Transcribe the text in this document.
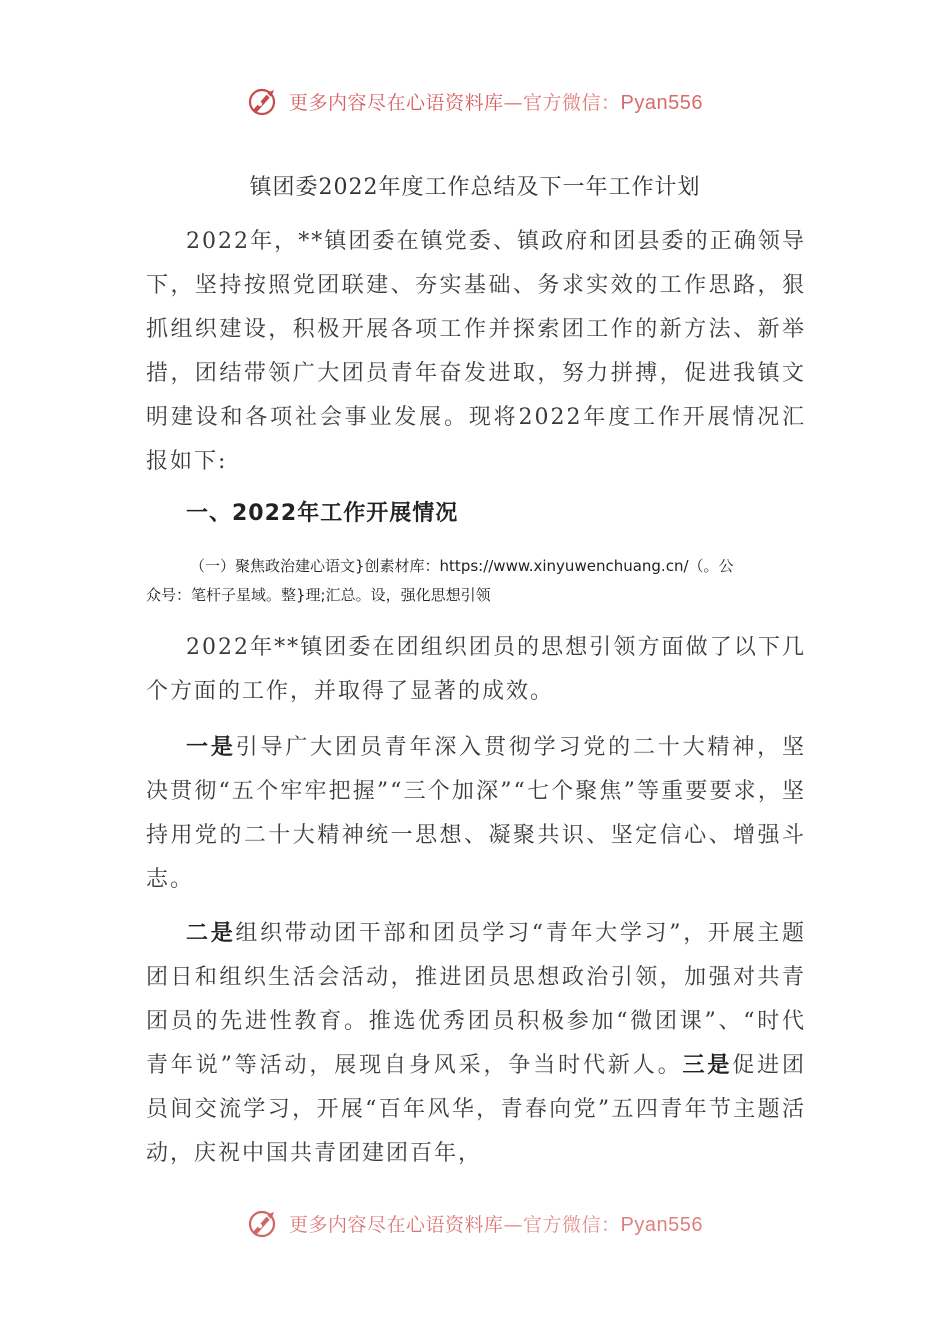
更多内容尽在心语资料库—官方微信：Pyan556
镇团委2022年度工作总结及下一年工作计划

2022年，**镇团委在镇党委、镇政府和团县委的正确领导下，坚持按照党团联建、夯实基础、务求实效的工作思路，狠抓组织建设，积极开展各项工作并探索团工作的新方法、新举措，团结带领广大团员青年奋发进取，努力拼搏，促进我镇文明建设和各项社会事业发展。现将2022年度工作开展情况汇报如下:

一、2022年工作开展情况
（一）聚焦政治建心语文}创素材库：https://www.xinyuwenchuang.cn/（。公
众号：笔杆子星域。整}理;汇总。设，强化思想引领

2022年**镇团委在团组织团员的思想引领方面做了以下几个方面的工作，并取得了显著的成效。

一是引导广大团员青年深入贯彻学习党的二十大精神，坚决贯彻“五个牢牢把握”“三个加深”“七个聚焦”等重要要求，坚持用党的二十大精神统一思想、凝聚共识、坚定信心、增强斗志。

二是组织带动团干部和团员学习“青年大学习”，开展主题团日和组织生活会活动，推进团员思想政治引领，加强对共青团员的先进性教育。推选优秀团员积极参加“微团课”、“时代青年说”等活动，展现自身风采，争当时代新人。三是促进团员间交流学习，开展“百年风华，青春向党”五四青年节主题活动，庆祝中国共青团建团百年，

更多内容尽在心语资料库—官方微信：Pyan556
